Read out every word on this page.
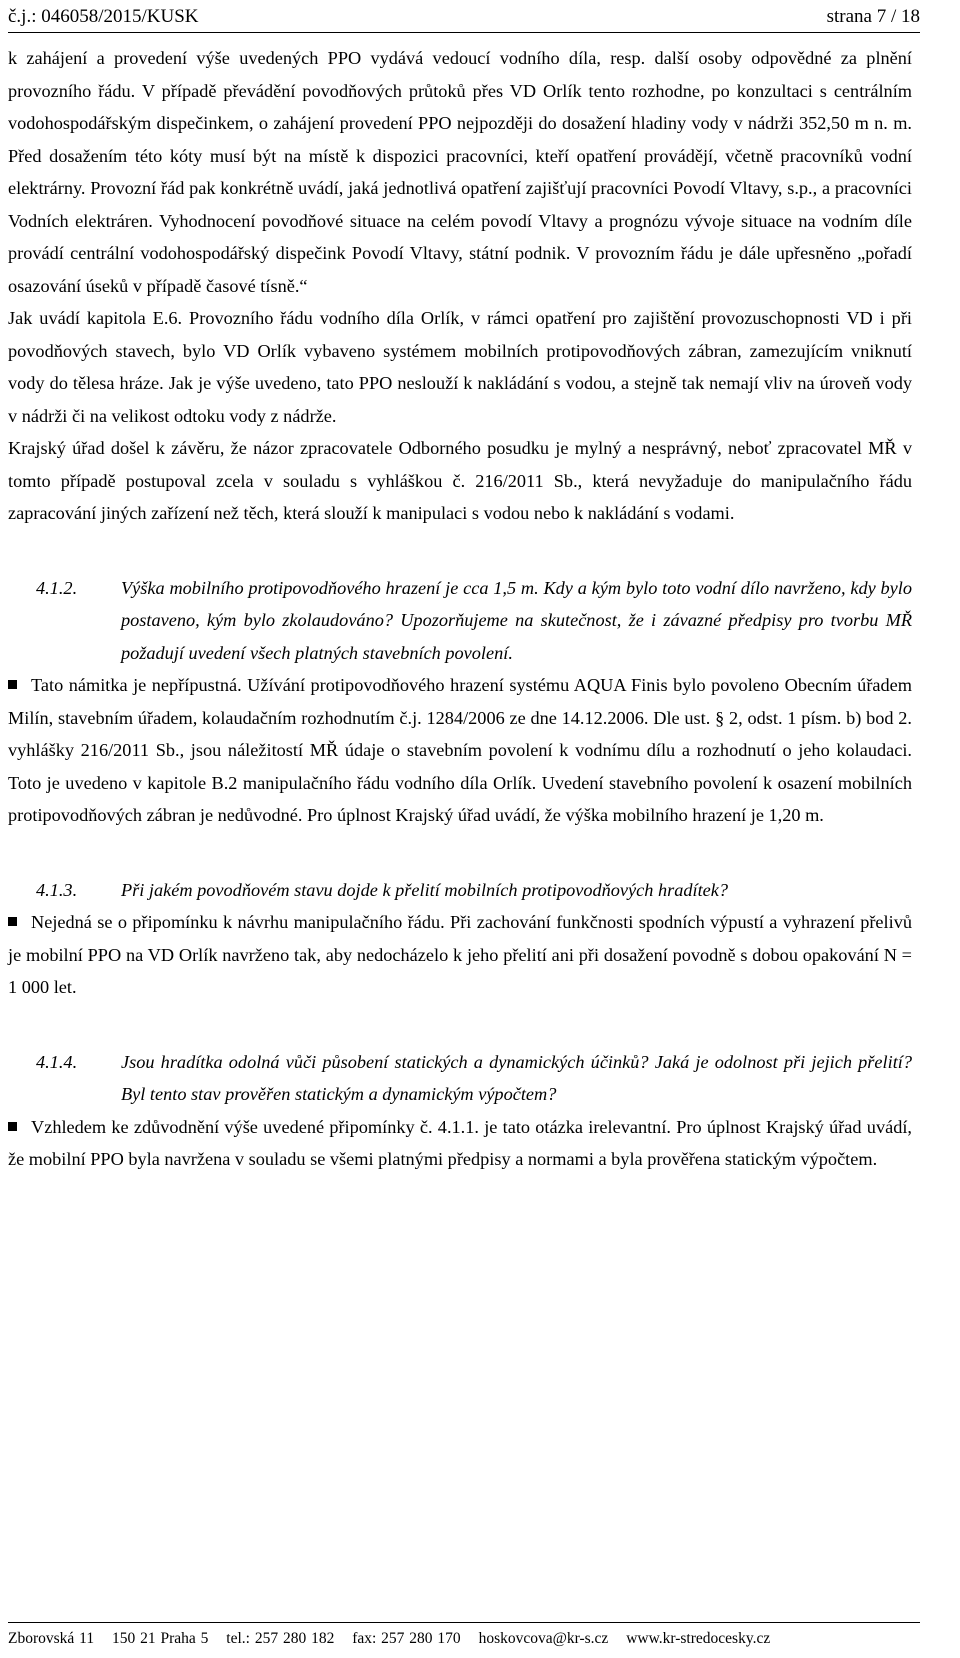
č.j.: 046058/2015/KUSK	strana 7 / 18

k zahájení a provedení výše uvedených PPO vydává vedoucí vodního díla, resp. další osoby odpovědné za plnění provozního řádu. V případě převádění povodňových průtoků přes VD Orlík tento rozhodne, po konzultaci s centrálním vodohospodářským dispečinkem, o zahájení provedení PPO nejpozději do dosažení hladiny vody v nádrži 352,50 m n. m. Před dosažením této kóty musí být na místě k dispozici pracovníci, kteří opatření provádějí, včetně pracovníků vodní elektrárny. Provozní řád pak konkrétně uvádí, jaká jednotlivá opatření zajišťují pracovníci Povodí Vltavy, s.p., a pracovníci Vodních elektráren. Vyhodnocení povodňové situace na celém povodí Vltavy a prognózu vývoje situace na vodním díle provádí centrální vodohospodářský dispečink Povodí Vltavy, státní podnik. V provozním řádu je dále upřesněno „pořadí osazování úseků v případě časové tísně.“

Jak uvádí kapitola E.6. Provozního řádu vodního díla Orlík, v rámci opatření pro zajištění provozuschopnosti VD i při povodňových stavech, bylo VD Orlík vybaveno systémem mobilních protipovodňových zábran, zamezujícím vniknutí vody do tělesa hráze. Jak je výše uvedeno, tato PPO neslouží k nakládání s vodou, a stejně tak nemají vliv na úroveň vody v nádrži či na velikost odtoku vody z nádrže.

Krajský úřad došel k závěru, že názor zpracovatele Odborného posudku je mylný a nesprávný, neboť zpracovatel MŘ v tomto případě postupoval zcela v souladu s vyhláškou č. 216/2011 Sb., která nevyžaduje do manipulačního řádu zapracování jiných zařízení než těch, která slouží k manipulaci s vodou nebo k nakládání s vodami.

4.1.2. Výška mobilního protipovodňového hrazení je cca 1,5 m. Kdy a kým bylo toto vodní dílo navrženo, kdy bylo postaveno, kým bylo zkolaudováno? Upozorňujeme na skutečnost, že i závazné předpisy pro tvorbu MŘ požadují uvedení všech platných stavebních povolení.

Tato námitka je nepřípustná. Užívání protipovodňového hrazení systému AQUA Finis bylo povoleno Obecním úřadem Milín, stavebním úřadem, kolaudačním rozhodnutím č.j. 1284/2006 ze dne 14.12.2006. Dle ust. § 2, odst. 1 písm. b) bod 2. vyhlášky 216/2011 Sb., jsou náležitostí MŘ údaje o stavebním povolení k vodnímu dílu a rozhodnutí o jeho kolaudaci. Toto je uvedeno v kapitole B.2 manipulačního řádu vodního díla Orlík. Uvedení stavebního povolení k osazení mobilních protipovodňových zábran je nedůvodné. Pro úplnost Krajský úřad uvádí, že výška mobilního hrazení je 1,20 m.

4.1.3. Při jakém povodňovém stavu dojde k přelití mobilních protipovodňových hradítek?

Nejedná se o připomínku k návrhu manipulačního řádu. Při zachování funkčnosti spodních výpustí a vyhrazení přelivů je mobilní PPO na VD Orlík navrženo tak, aby nedocházelo k jeho přelití ani při dosažení povodně s dobou opakování N = 1 000 let.

4.1.4. Jsou hradítka odolná vůči působení statických a dynamických účinků? Jaká je odolnost při jejich přelití? Byl tento stav prověřen statickým a dynamickým výpočtem?

Vzhledem ke zdůvodnění výše uvedené připomínky č. 4.1.1. je tato otázka irelevantní. Pro úplnost Krajský úřad uvádí, že mobilní PPO byla navržena v souladu se všemi platnými předpisy a normami a byla prověřena statickým výpočtem.

Zborovská 11 150 21 Praha 5 tel.: 257 280 182 fax: 257 280 170 hoskovcova@kr-s.cz www.kr-stredocesky.cz
